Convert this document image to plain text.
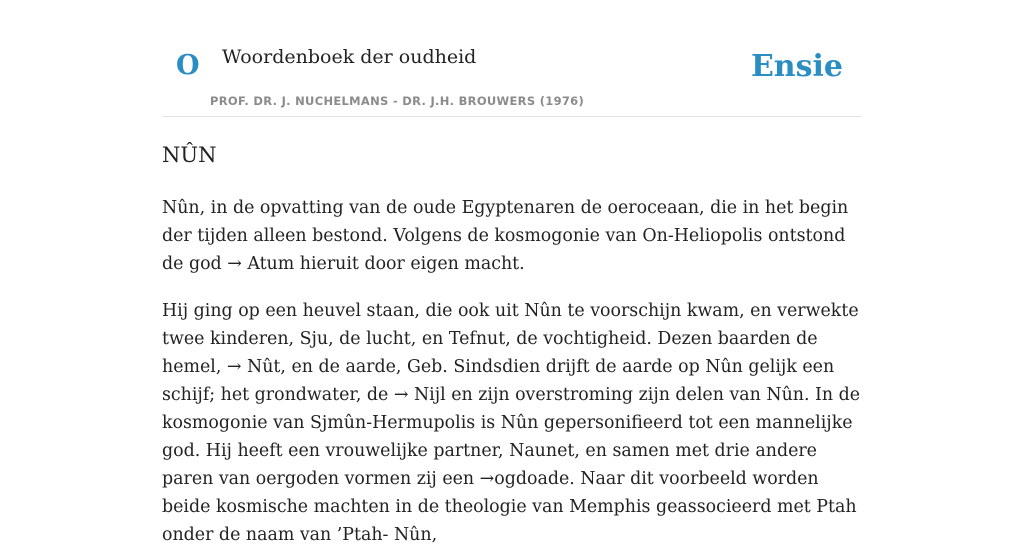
O Woordenboek der oudheid
PROF. DR. J. NUCHELMANS - DR. J.H. BROUWERS (1976)
Ensie
NÛN

Nûn, in de opvatting van de oude Egyptenaren de oeroceaan, die in het begin der tijden alleen bestond. Volgens de kosmogonie van On-Heliopolis ontstond de god → Atum hieruit door eigen macht.

Hij ging op een heuvel staan, die ook uit Nûn te voorschijn kwam, en verwekte twee kinderen, Sju, de lucht, en Tefnut, de vochtigheid. Dezen baarden de hemel, → Nût, en de aarde, Geb. Sindsdien drijft de aarde op Nûn gelijk een schijf; het grondwater, de → Nijl en zijn overstroming zijn delen van Nûn. In de kosmogonie van Sjmûn-Hermupolis is Nûn gepersonifieerd tot een mannelijke god. Hij heeft een vrouwelijke partner, Naunet, en samen met drie andere paren van oergoden vormen zij een →ogdoade. Naar dit voorbeeld worden beide kosmische machten in de theologie van Memphis geassocieerd met Ptah onder de naam van ’Ptah- Nûn,
